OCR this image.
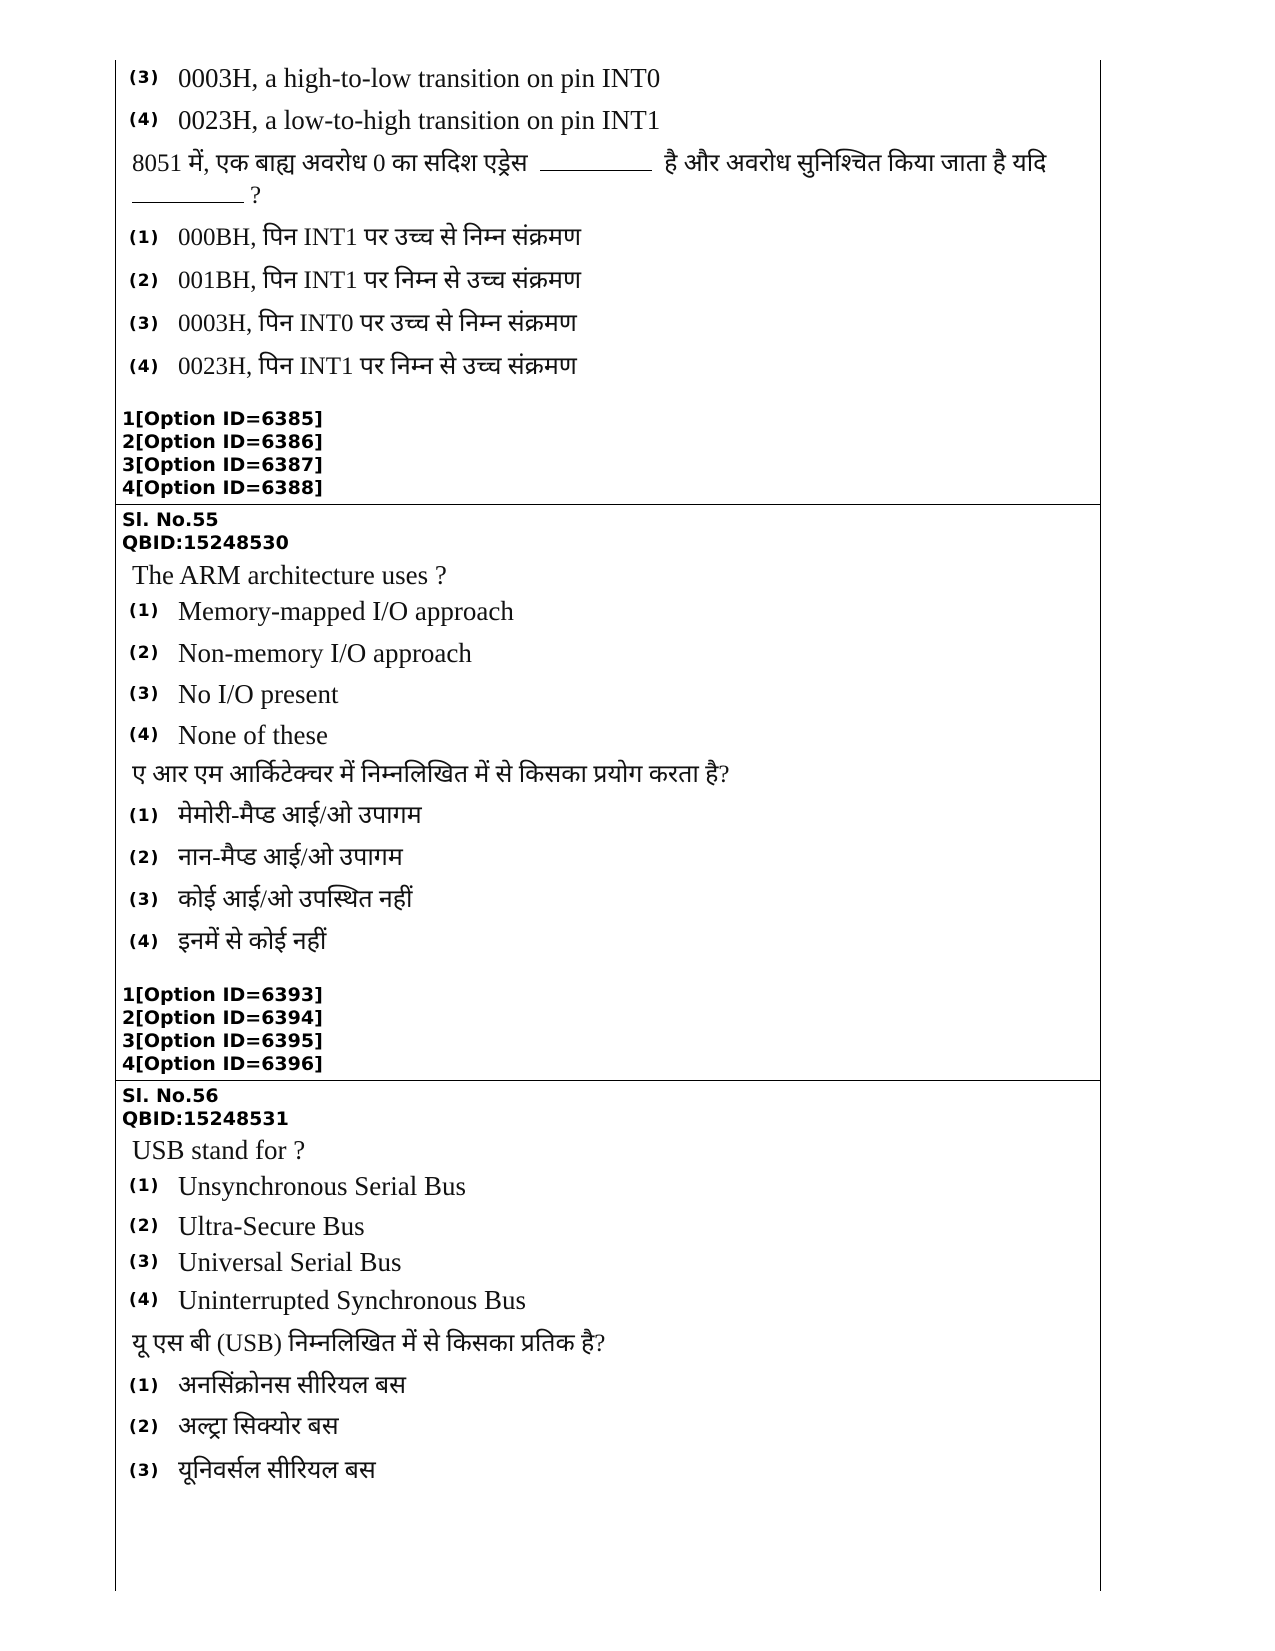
(3) 0003H, a high-to-low transition on pin INT0
(4) 0023H, a low-to-high transition on pin INT1
8051 में, एक बाह्य अवरोध 0 का सदिश एड्रेस	है और अवरोध सुनिश्चित किया जाता है यदि
?
(1) 000BH, पिन INT1 पर उच्च से निम्न संक्रमण
(2) 001BH, पिन INT1 पर निम्न से उच्च संक्रमण
(3) 0003H, पिन INT0 पर उच्च से निम्न संक्रमण
(4) 0023H, पिन INT1 पर निम्न से उच्च संक्रमण
1[Option ID=6385]
2[Option ID=6386]
3[Option ID=6387]
4[Option ID=6388]
Sl. No.55
QBID:15248530
The ARM architecture uses ?
(1) Memory-mapped I/O approach
(2) Non-memory I/O approach
(3) No I/O present
(4) None of these
ए आर एम आर्किटेक्चर में निम्नलिखित में से किसका प्रयोग करता है?
(1) मेमोरी-मैप्ड आई/ओ उपागम
(2) नान-मैप्ड आई/ओ उपागम
(3) कोई आई/ओ उपस्थित नहीं
(4) इनमें से कोई नहीं
1[Option ID=6393]
2[Option ID=6394]
3[Option ID=6395]
4[Option ID=6396]
Sl. No.56
QBID:15248531
USB stand for ?
(1) Unsynchronous Serial Bus
(2) Ultra-Secure Bus
(3) Universal Serial Bus
(4) Uninterrupted Synchronous Bus
यू एस बी (USB) निम्नलिखित में से किसका प्रतिक है?
(1) अनसिंक्रोनस सीरियल बस
(2) अल्ट्रा सिक्योर बस
(3) यूनिवर्सल सीरियल बस
